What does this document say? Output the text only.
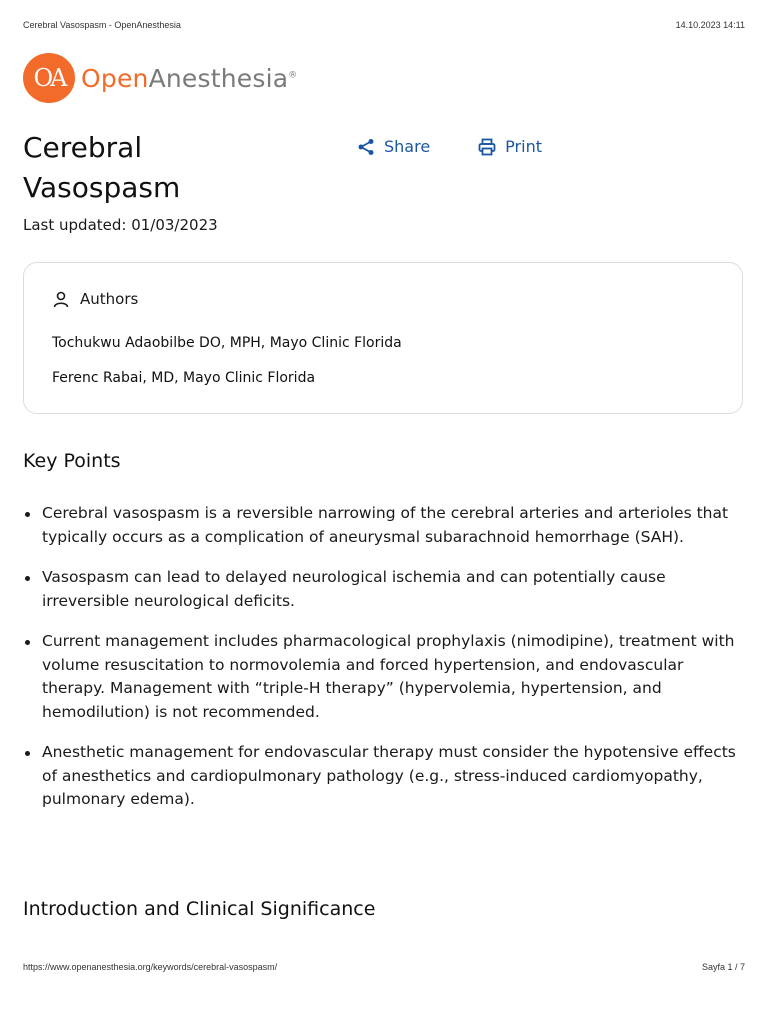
Cerebral Vasospasm - OpenAnesthesia	14.10.2023 14:11
OA OpenAnesthesia®
Cerebral Vasospasm
Share	Print
Last updated: 01/03/2023
Authors
Tochukwu Adaobilbe DO, MPH, Mayo Clinic Florida
Ferenc Rabai, MD, Mayo Clinic Florida
Key Points
Cerebral vasospasm is a reversible narrowing of the cerebral arteries and arterioles that typically occurs as a complication of aneurysmal subarachnoid hemorrhage (SAH).
Vasospasm can lead to delayed neurological ischemia and can potentially cause irreversible neurological deficits.
Current management includes pharmacological prophylaxis (nimodipine), treatment with volume resuscitation to normovolemia and forced hypertension, and endovascular therapy. Management with “triple-H therapy” (hypervolemia, hypertension, and hemodilution) is not recommended.
Anesthetic management for endovascular therapy must consider the hypotensive effects of anesthetics and cardiopulmonary pathology (e.g., stress-induced cardiomyopathy, pulmonary edema).
Introduction and Clinical Significance
https://www.openanesthesia.org/keywords/cerebral-vasospasm/	Sayfa 1 / 7
